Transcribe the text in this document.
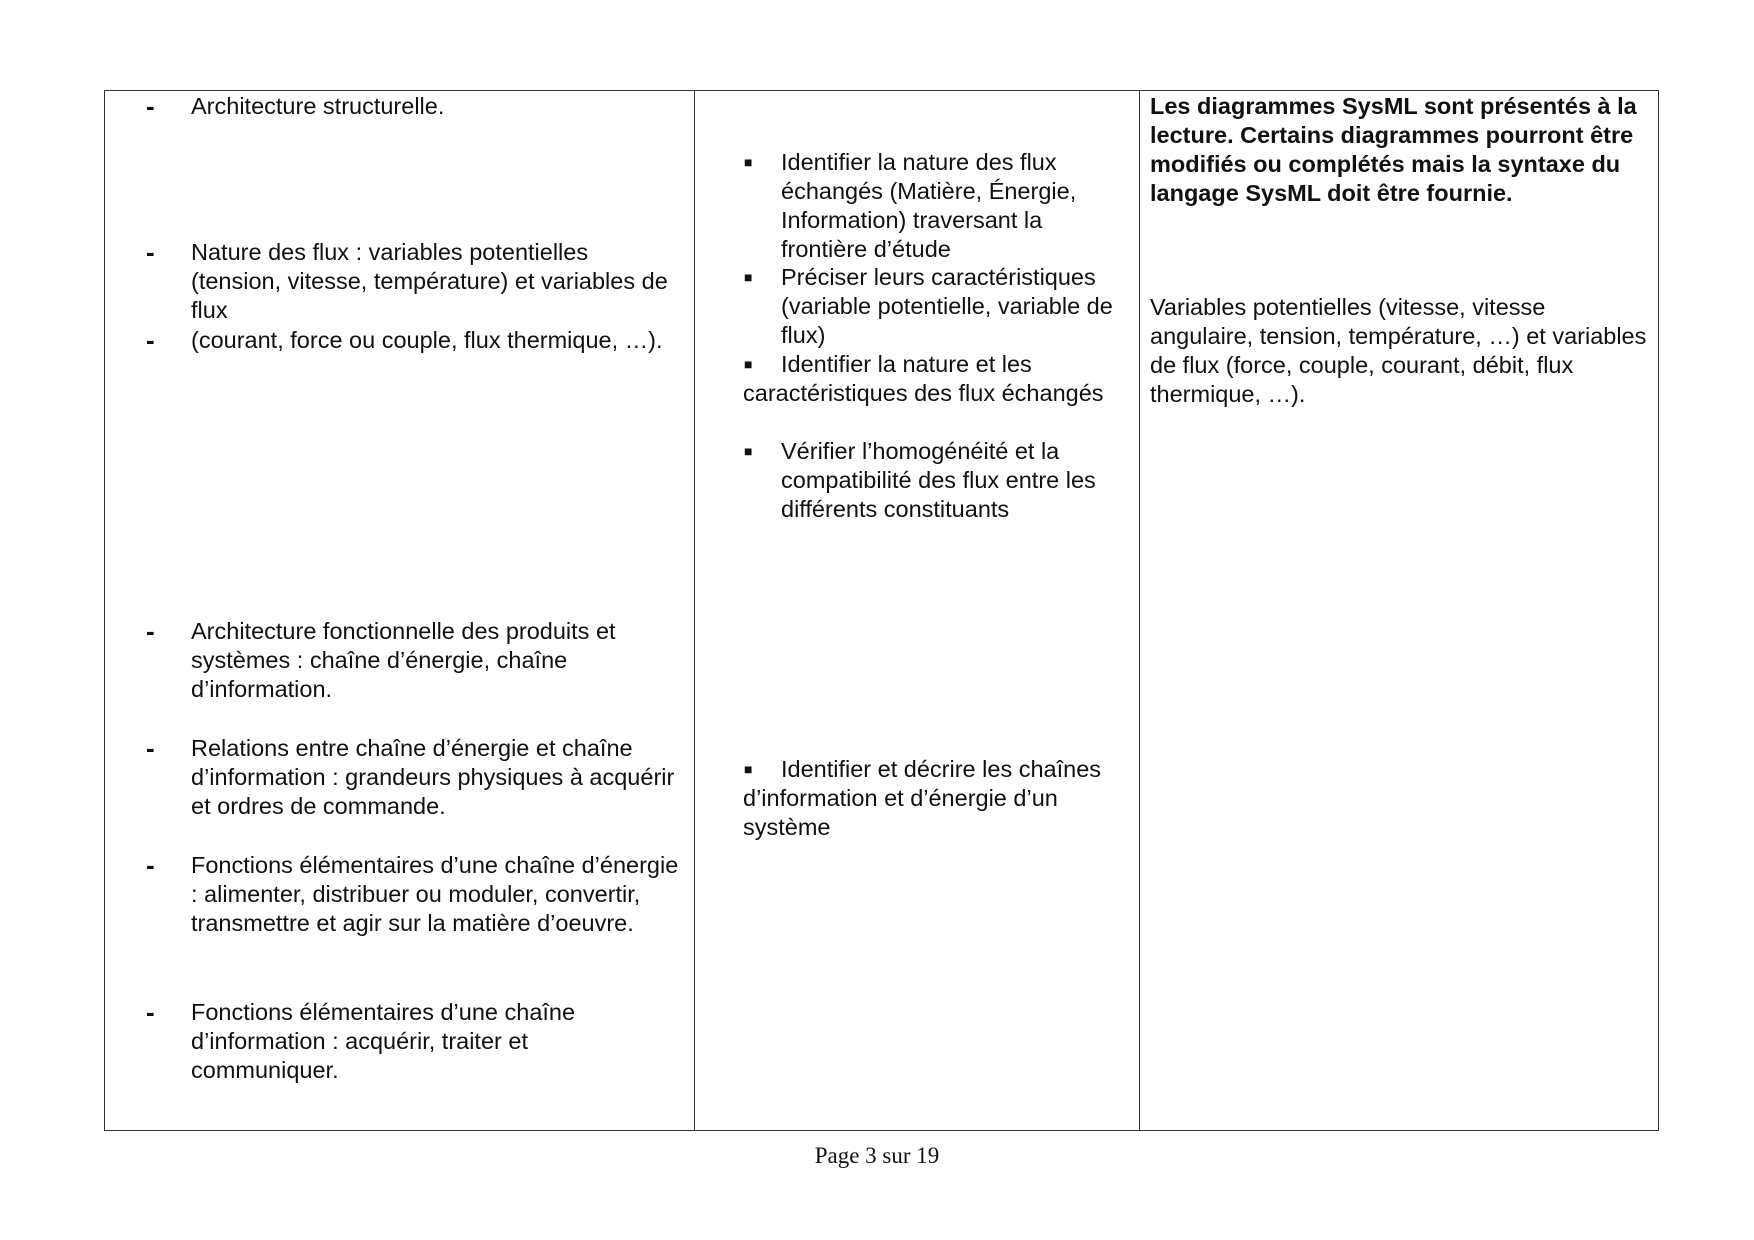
- Architecture structurelle.
- Nature des flux : variables potentielles (tension, vitesse, température) et variables de flux
- (courant, force ou couple, flux thermique, …).
- Architecture fonctionnelle des produits et systèmes : chaîne d’énergie, chaîne d’information.
- Relations entre chaîne d’énergie et chaîne d’information : grandeurs physiques à acquérir et ordres de commande.
- Fonctions élémentaires d’une chaîne d’énergie : alimenter, distribuer ou moduler, convertir, transmettre et agir sur la matière d’oeuvre.
- Fonctions élémentaires d’une chaîne d’information : acquérir, traiter et communiquer.
■ Identifier la nature des flux échangés (Matière, Énergie, Information) traversant la frontière d’étude
■ Préciser leurs caractéristiques (variable potentielle, variable de flux)
■	Identifier la nature et les caractéristiques des flux échangés
■ Vérifier l’homogénéité et la compatibilité des flux entre les différents constituants
■	Identifier et décrire les chaînes d’information et d’énergie d’un système
Les diagrammes SysML sont présentés à la lecture. Certains diagrammes pourront être modifiés ou complétés mais la syntaxe du langage SysML doit être fournie.
Variables potentielles (vitesse, vitesse angulaire, tension, température, …) et variables de flux (force, couple, courant, débit, flux thermique, …).
Page 3 sur 19
